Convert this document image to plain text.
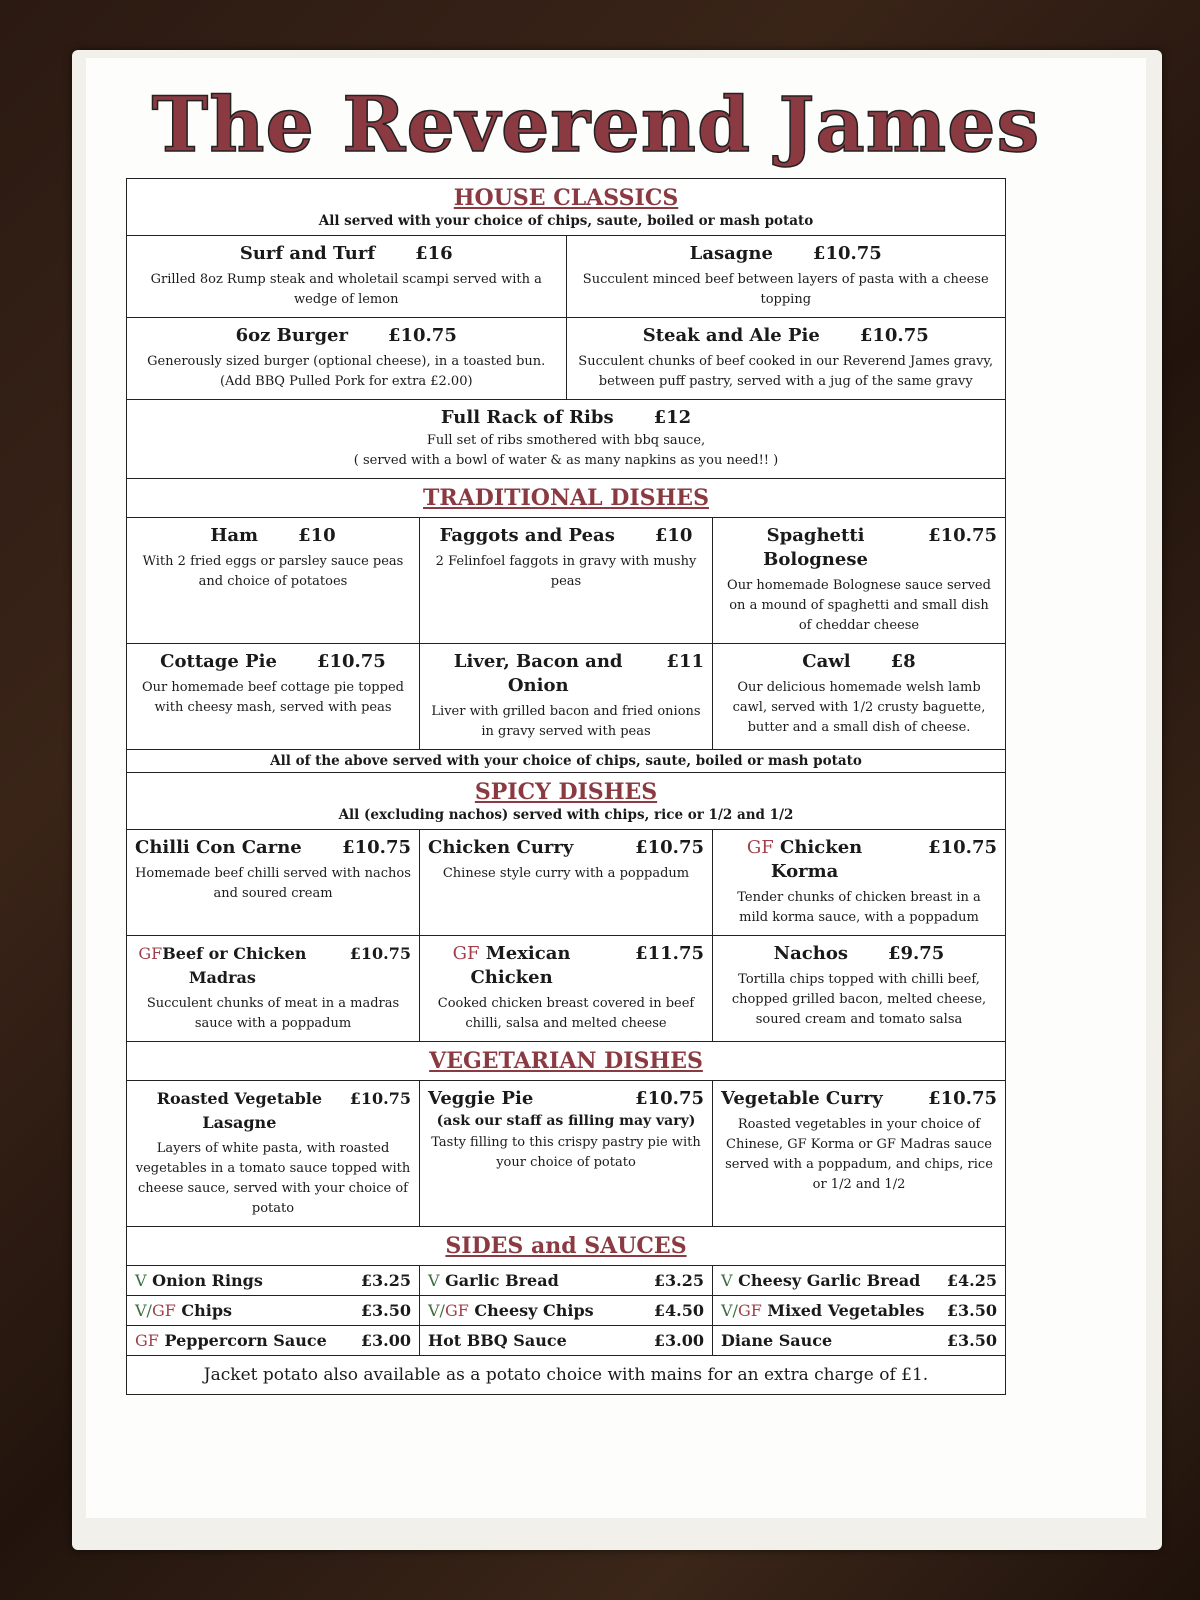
The Reverend James
HOUSE CLASSICS
All served with your choice of chips, saute, boiled or mash potato
Surf and Turf £16
Grilled 8oz Rump steak and wholetail scampi served with a wedge of lemon
Lasagne £10.75
Succulent minced beef between layers of pasta with a cheese topping
6oz Burger £10.75
Generously sized burger (optional cheese), in a toasted bun. (Add BBQ Pulled Pork for extra £2.00)
Steak and Ale Pie £10.75
Succulent chunks of beef cooked in our Reverend James gravy, between puff pastry, served with a jug of the same gravy
Full Rack of Ribs £12
Full set of ribs smothered with bbq sauce,
( served with a bowl of water & as many napkins as you need!! )
TRADITIONAL DISHES
Ham £10
With 2 fried eggs or parsley sauce peas and choice of potatoes
Faggots and Peas £10
2 Felinfoel faggots in gravy with mushy peas
Spaghetti Bolognese
£10.75
Our homemade Bolognese sauce served on a mound of spaghetti and small dish of cheddar cheese
Cottage Pie £10.75
Our homemade beef cottage pie topped with cheesy mash, served with peas
Liver, Bacon and Onion
£11
Liver with grilled bacon and fried onions in gravy served with peas
Cawl £8
Our delicious homemade welsh lamb cawl, served with 1/2 crusty baguette, butter and a small dish of cheese.
All of the above served with your choice of chips, saute, boiled or mash potato
SPICY DISHES
All (excluding nachos) served with chips, rice or 1/2 and 1/2
Chilli Con Carne £10.75
Homemade beef chilli served with nachos and soured cream
Chicken Curry	£10.75
Chinese style curry with a poppadum
GF Chicken Korma
£10.75
Tender chunks of chicken breast in a mild korma sauce, with a poppadum
GFBeef or Chicken Madras
£10.75
Succulent chunks of meat in a madras sauce with a poppadum
GF Mexican Chicken
£11.75
Cooked chicken breast covered in beef chilli, salsa and melted cheese
Nachos £9.75
Tortilla chips topped with chilli beef, chopped grilled bacon, melted cheese, soured cream and tomato salsa
VEGETARIAN DISHES
Roasted Vegetable Lasagne
£10.75
Layers of white pasta, with roasted vegetables in a tomato sauce topped with cheese sauce, served with your choice of potato
Veggie Pie	£10.75
(ask our staff as filling may vary)
Tasty filling to this crispy pastry pie with your choice of potato
Vegetable Curry	£10.75
Roasted vegetables in your choice of Chinese, GF Korma or GF Madras sauce served with a poppadum, and chips, rice or 1/2 and 1/2
SIDES and SAUCES
V Onion Rings	£3.25 V Garlic Bread	£3.25 V Cheesy Garlic Bread £4.25
V/GF Chips	£3.50 V/GF Cheesy Chips	£4.50 V/GF Mixed Vegetables £3.50
GF Peppercorn Sauce £3.00 Hot BBQ Sauce	£3.00 Diane Sauce	£3.50
Jacket potato also available as a potato choice with mains for an extra charge of £1.
